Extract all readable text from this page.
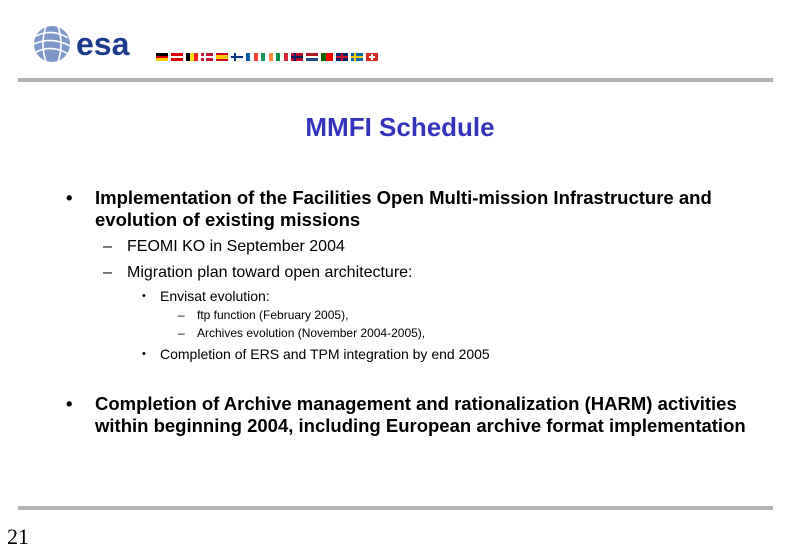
esa
MMFI Schedule
•	Implementation of the Facilities Open Multi-mission Infrastructure and evolution of existing missions
– FEOMI KO in September 2004
– Migration plan toward open architecture:
•	Envisat evolution:
–	ftp function (February 2005),
–	Archives evolution (November 2004-2005),
•	Completion of ERS and TPM integration by end 2005
•	Completion of Archive management and rationalization (HARM) activities within beginning 2004, including European archive format implementation
21
